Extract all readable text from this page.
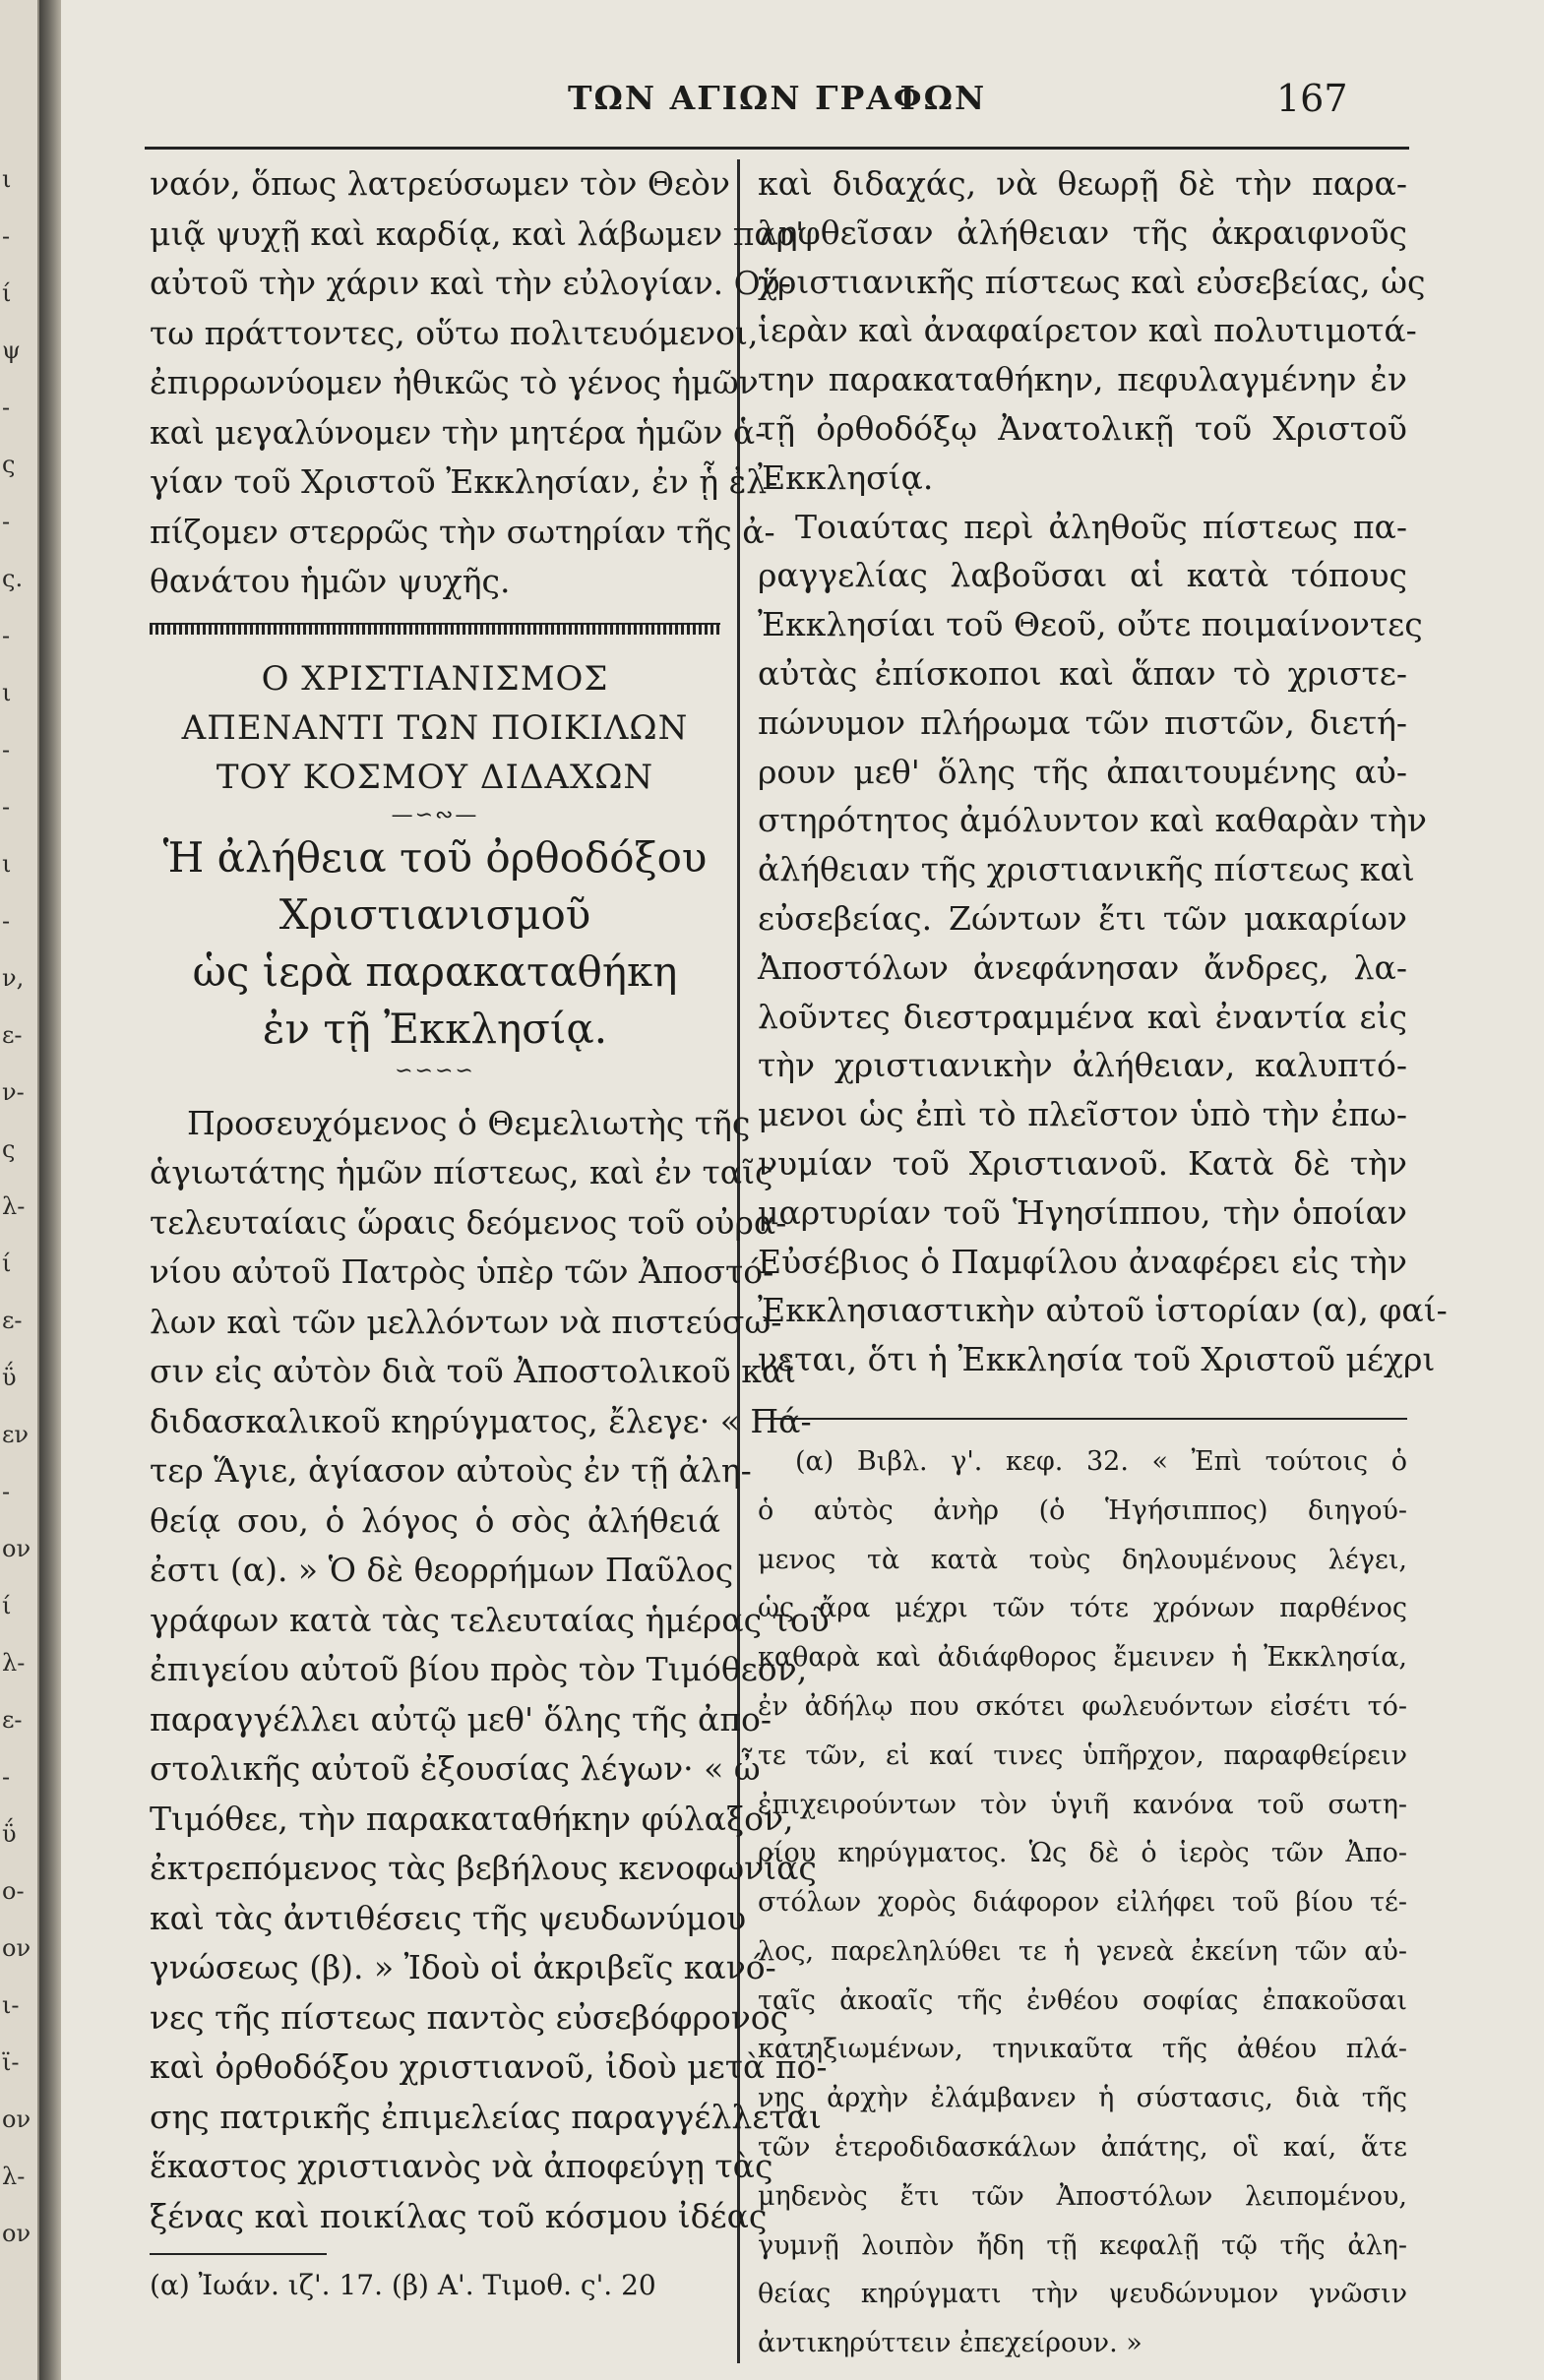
ι
-
ί
ψ
-
ς
-
ς.
-
ι
-
-
ι
-
ν,
ε-
ν-
ς
λ-
ί
ε-
ΰ
εν
-
ον
ί
λ-
ε-
-
ΰ
ο-
ον
ι-
ϊ-
ον
λ-
ον
ΤΩΝ ΑΓΙΩΝ ΓΡΑΦΩΝ	167
ναόν, ὅπως λατρεύσωμεν τὸν Θεὸν
μιᾷ ψυχῇ καὶ καρδίᾳ, καὶ λάβωμεν παρ'
αὐτοῦ τὴν χάριν καὶ τὴν εὐλογίαν. Οὕ-
τω πράττοντες, οὕτω πολιτευόμενοι,
ἐπιρρωνύομεν ἠθικῶς τὸ γένος ἡμῶν
καὶ μεγαλύνομεν τὴν μητέρα ἡμῶν ἁ-
γίαν τοῦ Χριστοῦ Ἐκκλησίαν, ἐν ᾗ ἐλ-
πίζομεν στερρῶς τὴν σωτηρίαν τῆς ἀ-
θανάτου ἡμῶν ψυχῆς.
Ο ΧΡΙΣΤΙΑΝΙΣΜΟΣ
ΑΠΕΝΑΝΤΙ ΤΩΝ ΠΟΙΚΙΛΩΝ
ΤΟΥ ΚΟΣΜΟΥ ΔΙΔΑΧΩΝ
—∽∾—
Ἡ ἀλήθεια τοῦ ὀρθοδόξου
Χριστιανισμοῦ
ὡς ἱερὰ παρακαταθήκη
ἐν τῇ Ἐκκλησίᾳ.
∽∽∽∽
Προσευχόμενος ὁ Θεμελιωτὴς τῆς
ἁγιωτάτης ἡμῶν πίστεως, καὶ ἐν ταῖς
τελευταίαις ὥραις δεόμενος τοῦ οὐρα-
νίου αὐτοῦ Πατρὸς ὑπὲρ τῶν Ἀποστό-
λων καὶ τῶν μελλόντων νὰ πιστεύσω-
σιν εἰς αὐτὸν διὰ τοῦ Ἀποστολικοῦ καὶ
διδασκαλικοῦ κηρύγματος, ἔλεγε· « Πά-
τερ Ἅγιε, ἁγίασον αὐτοὺς ἐν τῇ ἀλη-
θείᾳ σου, ὁ λόγος ὁ σὸς ἀλήθειά
ἐστι (α). » Ὁ δὲ θεορρήμων Παῦλος
γράφων κατὰ τὰς τελευταίας ἡμέρας τοῦ
ἐπιγείου αὐτοῦ βίου πρὸς τὸν Τιμόθεον,
παραγγέλλει αὐτῷ μεθ' ὅλης τῆς ἀπο-
στολικῆς αὐτοῦ ἐξουσίας λέγων· « ὦ
Τιμόθεε, τὴν παρακαταθήκην φύλαξον,
ἐκτρεπόμενος τὰς βεβήλους κενοφωνίας
καὶ τὰς ἀντιθέσεις τῆς ψευδωνύμου
γνώσεως (β). » Ἰδοὺ οἱ ἀκριβεῖς κανό-
νες τῆς πίστεως παντὸς εὐσεβόφρονος
καὶ ὀρθοδόξου χριστιανοῦ, ἰδοὺ μετὰ πό-
σης πατρικῆς ἐπιμελείας παραγγέλλεται
ἕκαστος χριστιανὸς νὰ ἀποφεύγῃ τὰς
ξένας καὶ ποικίλας τοῦ κόσμου ἰδέας
(α) Ἰωάν. ιζ'. 17. (β) Α'. Τιμοθ. ς'. 20
καὶ διδαχάς, νὰ θεωρῇ δὲ τὴν παρα-
ληφθεῖσαν ἀλήθειαν τῆς ἀκραιφνοῦς
χριστιανικῆς πίστεως καὶ εὐσεβείας, ὡς
ἱερὰν καὶ ἀναφαίρετον καὶ πολυτιμοτά-
την παρακαταθήκην, πεφυλαγμένην ἐν
τῇ ὀρθοδόξῳ Ἀνατολικῇ τοῦ Χριστοῦ
Ἐκκλησίᾳ.
Τοιαύτας περὶ ἀληθοῦς πίστεως πα-
ραγγελίας λαβοῦσαι αἱ κατὰ τόπους
Ἐκκλησίαι τοῦ Θεοῦ, οὔτε ποιμαίνοντες
αὐτὰς ἐπίσκοποι καὶ ἅπαν τὸ χριστε-
πώνυμον πλήρωμα τῶν πιστῶν, διετή-
ρουν μεθ' ὅλης τῆς ἀπαιτουμένης αὐ-
στηρότητος ἀμόλυντον καὶ καθαρὰν τὴν
ἀλήθειαν τῆς χριστιανικῆς πίστεως καὶ
εὐσεβείας. Ζώντων ἔτι τῶν μακαρίων
Ἀποστόλων ἀνεφάνησαν ἄνδρες, λα-
λοῦντες διεστραμμένα καὶ ἐναντία εἰς
τὴν χριστιανικὴν ἀλήθειαν, καλυπτό-
μενοι ὡς ἐπὶ τὸ πλεῖστον ὑπὸ τὴν ἐπω-
νυμίαν τοῦ Χριστιανοῦ. Κατὰ δὲ τὴν
μαρτυρίαν τοῦ Ἡγησίππου, τὴν ὁποίαν
Εὐσέβιος ὁ Παμφίλου ἀναφέρει εἰς τὴν
Ἐκκλησιαστικὴν αὐτοῦ ἱστορίαν (α), φαί-
νεται, ὅτι ἡ Ἐκκλησία τοῦ Χριστοῦ μέχρι
(α) Βιβλ. γ'. κεφ. 32. « Ἐπὶ τούτοις ὁ
ὁ αὐτὸς ἀνὴρ (ὁ Ἡγήσιππος) διηγού-
μενος τὰ κατὰ τοὺς δηλουμένους λέγει,
ὡς ἄρα μέχρι τῶν τότε χρόνων παρθένος
καθαρὰ καὶ ἀδιάφθορος ἔμεινεν ἡ Ἐκκλησία,
ἐν ἀδήλῳ που σκότει φωλευόντων εἰσέτι τό-
τε τῶν, εἰ καί τινες ὑπῆρχον, παραφθείρειν
ἐπιχειρούντων τὸν ὑγιῆ κανόνα τοῦ σωτη-
ρίου κηρύγματος. Ὡς δὲ ὁ ἱερὸς τῶν Ἀπο-
στόλων χορὸς διάφορον εἰλήφει τοῦ βίου τέ-
λος, παρεληλύθει τε ἡ γενεὰ ἐκείνη τῶν αὐ-
ταῖς ἀκοαῖς τῆς ἐνθέου σοφίας ἐπακοῦσαι
κατηξιωμένων, τηνικαῦτα τῆς ἀθέου πλά-
νης ἀρχὴν ἐλάμβανεν ἡ σύστασις, διὰ τῆς
τῶν ἑτεροδιδασκάλων ἀπάτης, οἳ καί, ἅτε
μηδενὸς ἔτι τῶν Ἀποστόλων λειπομένου,
γυμνῇ λοιπὸν ἤδη τῇ κεφαλῇ τῷ τῆς ἀλη-
θείας κηρύγματι τὴν ψευδώνυμον γνῶσιν
ἀντικηρύττειν ἐπεχείρουν. »
